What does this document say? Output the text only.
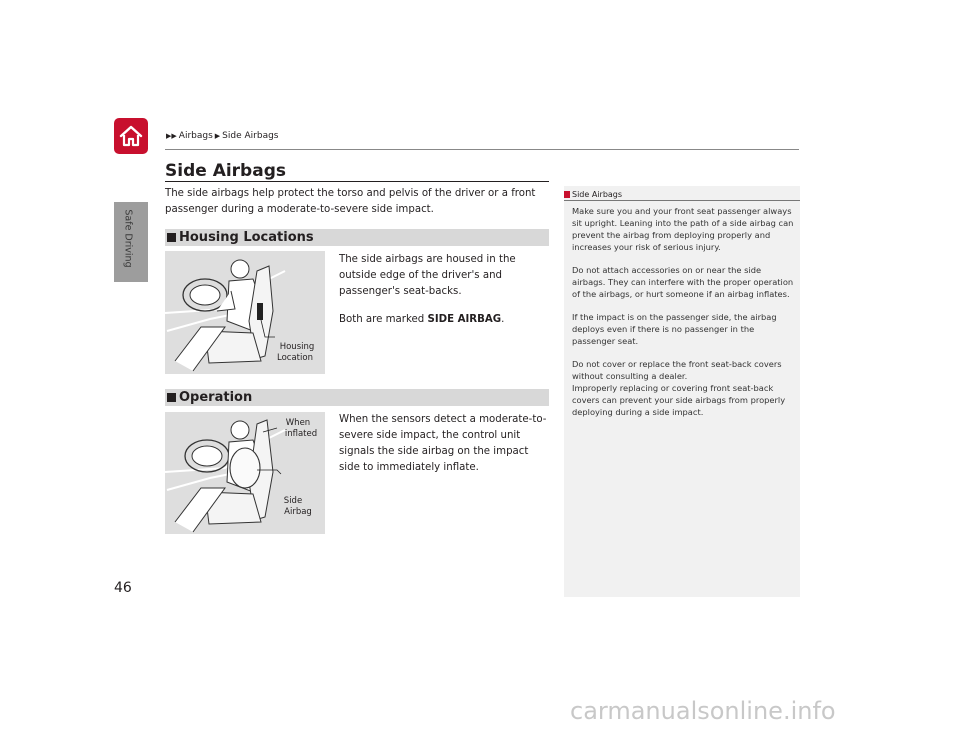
Safe Driving
46
▶▶ Airbags ▶ Side Airbags
Side Airbags
The side airbags help protect the torso and pelvis of the driver or a front passenger during a moderate-to-severe side impact.
Housing Locations
Housing
Location
The side airbags are housed in the outside edge of the driver's and passenger's seat-backs.
Both are marked SIDE AIRBAG.
Operation
When
inflated
Side
Airbag
When the sensors detect a moderate-to-severe side impact, the control unit signals the side airbag on the impact side to immediately inflate.
Side Airbags

Make sure you and your front seat passenger always sit upright. Leaning into the path of a side airbag can prevent the airbag from deploying properly and increases your risk of serious injury.

Do not attach accessories on or near the side airbags. They can interfere with the proper operation of the airbags, or hurt someone if an airbag inflates.

If the impact is on the passenger side, the airbag deploys even if there is no passenger in the passenger seat.

Do not cover or replace the front seat-back covers without consulting a dealer.
Improperly replacing or covering front seat-back covers can prevent your side airbags from properly deploying during a side impact.

carmanualsonline.info
